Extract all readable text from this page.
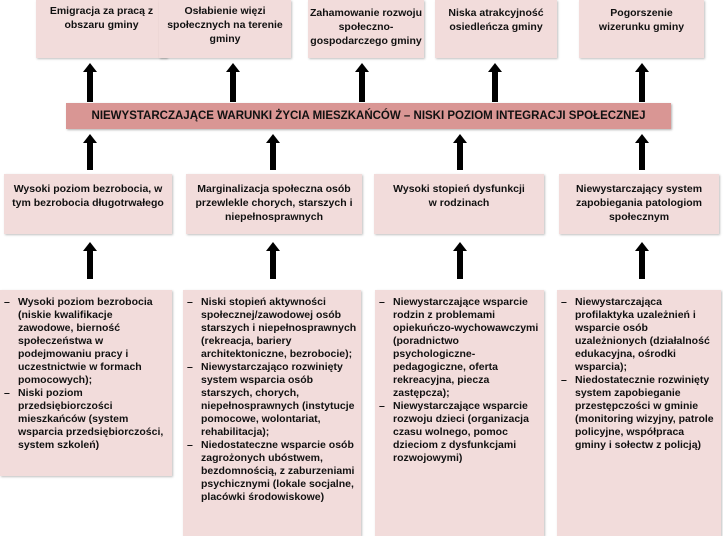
Emigracja za pracą z obszaru gminy
Osłabienie więzi społecznych na terenie gminy
Zahamowanie rozwoju społeczno-gospodarczego gminy
Niska atrakcyjność osiedleńcza gminy
Pogorszenie wizerunku gminy
NIEWYSTARCZAJĄCE WARUNKI ŻYCIA MIESZKAŃCÓW – NISKI POZIOM INTEGRACJI SPOŁECZNEJ
Wysoki poziom bezrobocia, w tym bezrobocia długotrwałego
Marginalizacja społeczna osób przewlekle chorych, starszych i niepełnosprawnych
Wysoki stopień dysfunkcji w rodzinach
Niewystarczający system zapobiegania patologiom społecznym
– Wysoki poziom bezrobocia (niskie kwalifikacje zawodowe, bierność społeczeństwa w podejmowaniu pracy i uczestnictwie w formach pomocowych);
– Niski poziom przedsiębiorczości mieszkańców (system wsparcia przedsiębiorczości, system szkoleń)
– Niski stopień aktywności społecznej/zawodowej osób starszych i niepełnosprawnych (rekreacja, bariery architektoniczne, bezrobocie);
– Niewystarczająco rozwinięty system wsparcia osób starszych, chorych, niepełnosprawnych (instytucje pomocowe, wolontariat, rehabilitacja);
– Niedostateczne wsparcie osób zagrożonych ubóstwem, bezdomnością, z zaburzeniami psychicznymi (lokale socjalne, placówki środowiskowe)
– Niewystarczające wsparcie rodzin z problemami opiekuńczo-wychowawczymi (poradnictwo psychologiczne-pedagogiczne, oferta rekreacyjna, piecza zastępcza);
– Niewystarczające wsparcie rozwoju dzieci (organizacja czasu wolnego, pomoc dzieciom z dysfunkcjami rozwojowymi)
– Niewystarczająca profilaktyka uzależnień i wsparcie osób uzależnionych (działalność edukacyjna, ośrodki wsparcia);
– Niedostatecznie rozwinięty system zapobieganie przestępczości w gminie (monitoring wizyjny, patrole policyjne, współpraca gminy i sołectw z policją)
